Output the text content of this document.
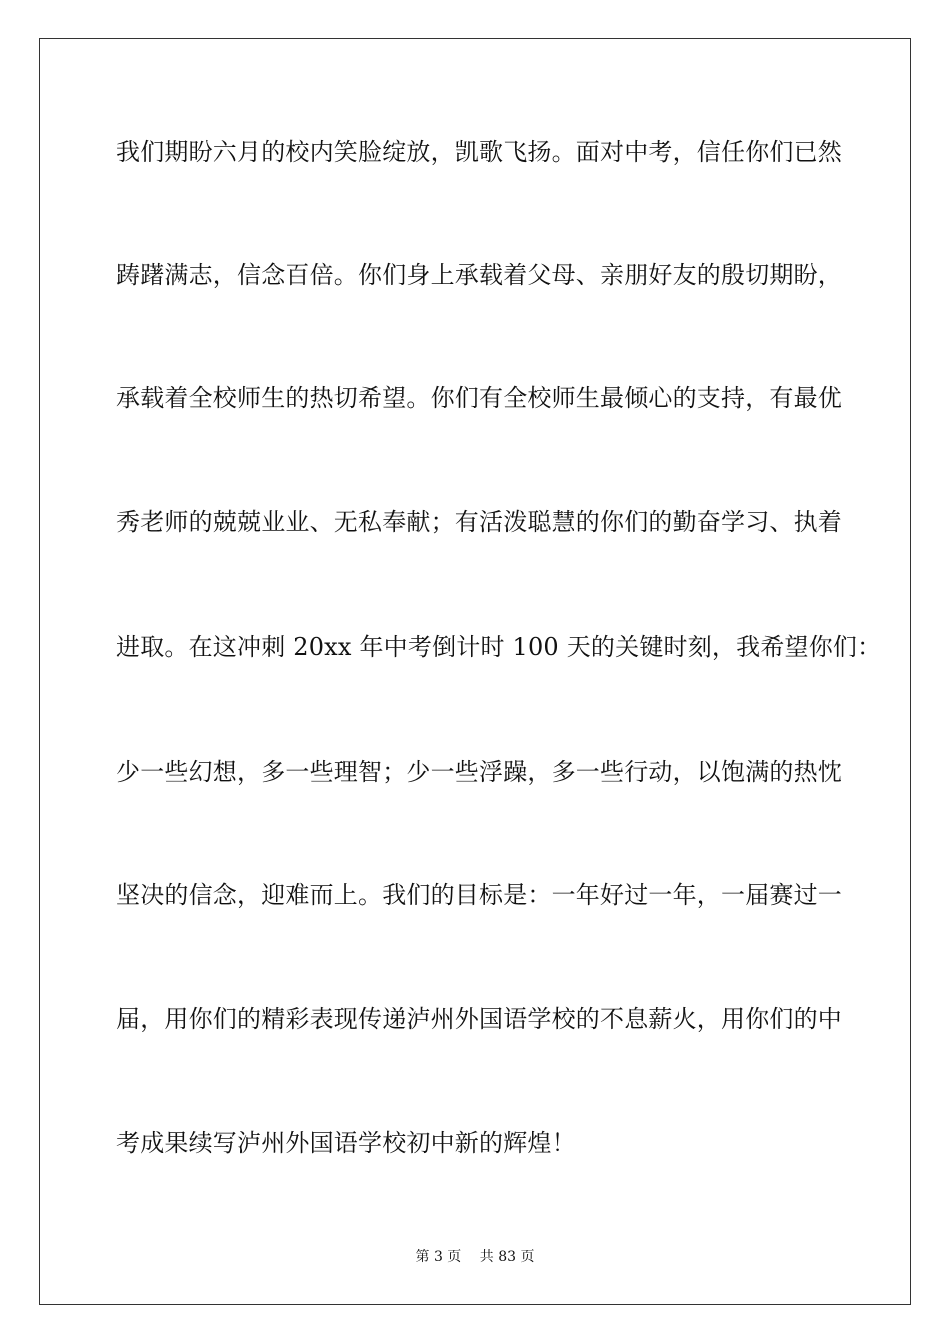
我们期盼六月的校内笑脸绽放，凯歌飞扬。面对中考，信任你们已然
踌躇满志，信念百倍。你们身上承载着父母、亲朋好友的殷切期盼，
承载着全校师生的热切希望。你们有全校师生最倾心的支持，有最优
秀老师的兢兢业业、无私奉献；有活泼聪慧的你们的勤奋学习、执着
进取。在这冲刺 20xx 年中考倒计时 100 天的关键时刻，我希望你们：
少一些幻想，多一些理智；少一些浮躁，多一些行动，以饱满的热忱
坚决的信念，迎难而上。我们的目标是：一年好过一年，一届赛过一
届，用你们的精彩表现传递泸州外国语学校的不息薪火，用你们的中
考成果续写泸州外国语学校初中新的辉煌！
第 3 页 共 83 页
